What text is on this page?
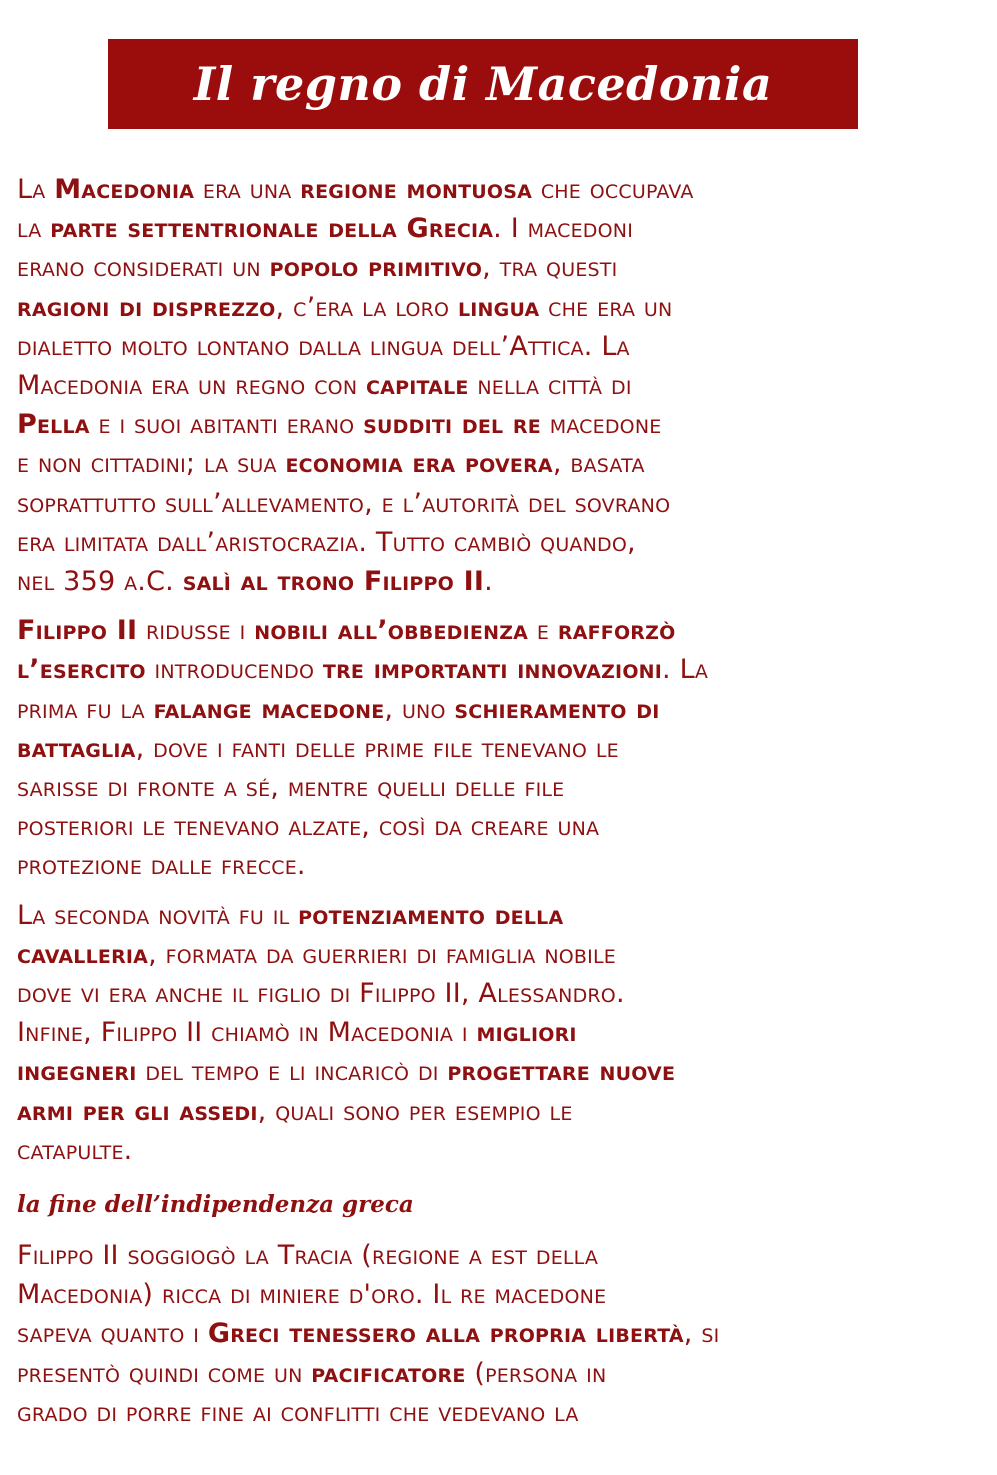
Il regno di Macedonia

La Macedonia era una regione montuosa che occupava
la parte settentrionale della Grecia. I macedoni
erano considerati un popolo primitivo, tra questi
ragioni di disprezzo, c’era la loro lingua che era un
dialetto molto lontano dalla lingua dell’Attica. La
Macedonia era un regno con capitale nella città di
Pella e i suoi abitanti erano sudditi del re macedone
e non cittadini; la sua economia era povera, basata
soprattutto sull’allevamento, e l’autorità del sovrano
era limitata dall’aristocrazia. Tutto cambiò quando,
nel 359 a.C. salì al trono Filippo II.

Filippo II ridusse i nobili all’obbedienza e rafforzò
l’esercito introducendo tre importanti innovazioni. La
prima fu la falange macedone, uno schieramento di
battaglia, dove i fanti delle prime file tenevano le
sarisse di fronte a sé, mentre quelli delle file
posteriori le tenevano alzate, così da creare una
protezione dalle frecce.

La seconda novità fu il potenziamento della
cavalleria, formata da guerrieri di famiglia nobile
dove vi era anche il figlio di Filippo II, Alessandro.
Infine, Filippo II chiamò in Macedonia i migliori
ingegneri del tempo e li incaricò di progettare nuove
armi per gli assedi, quali sono per esempio le
catapulte.

la fine dell’indipendenza greca

Filippo II soggiogò la Tracia (regione a est della
Macedonia) ricca di miniere d'oro. Il re macedone
sapeva quanto i Greci tenessero alla propria libertà, si
presentò quindi come un pacificatore (persona in
grado di porre fine ai conflitti che vedevano la
